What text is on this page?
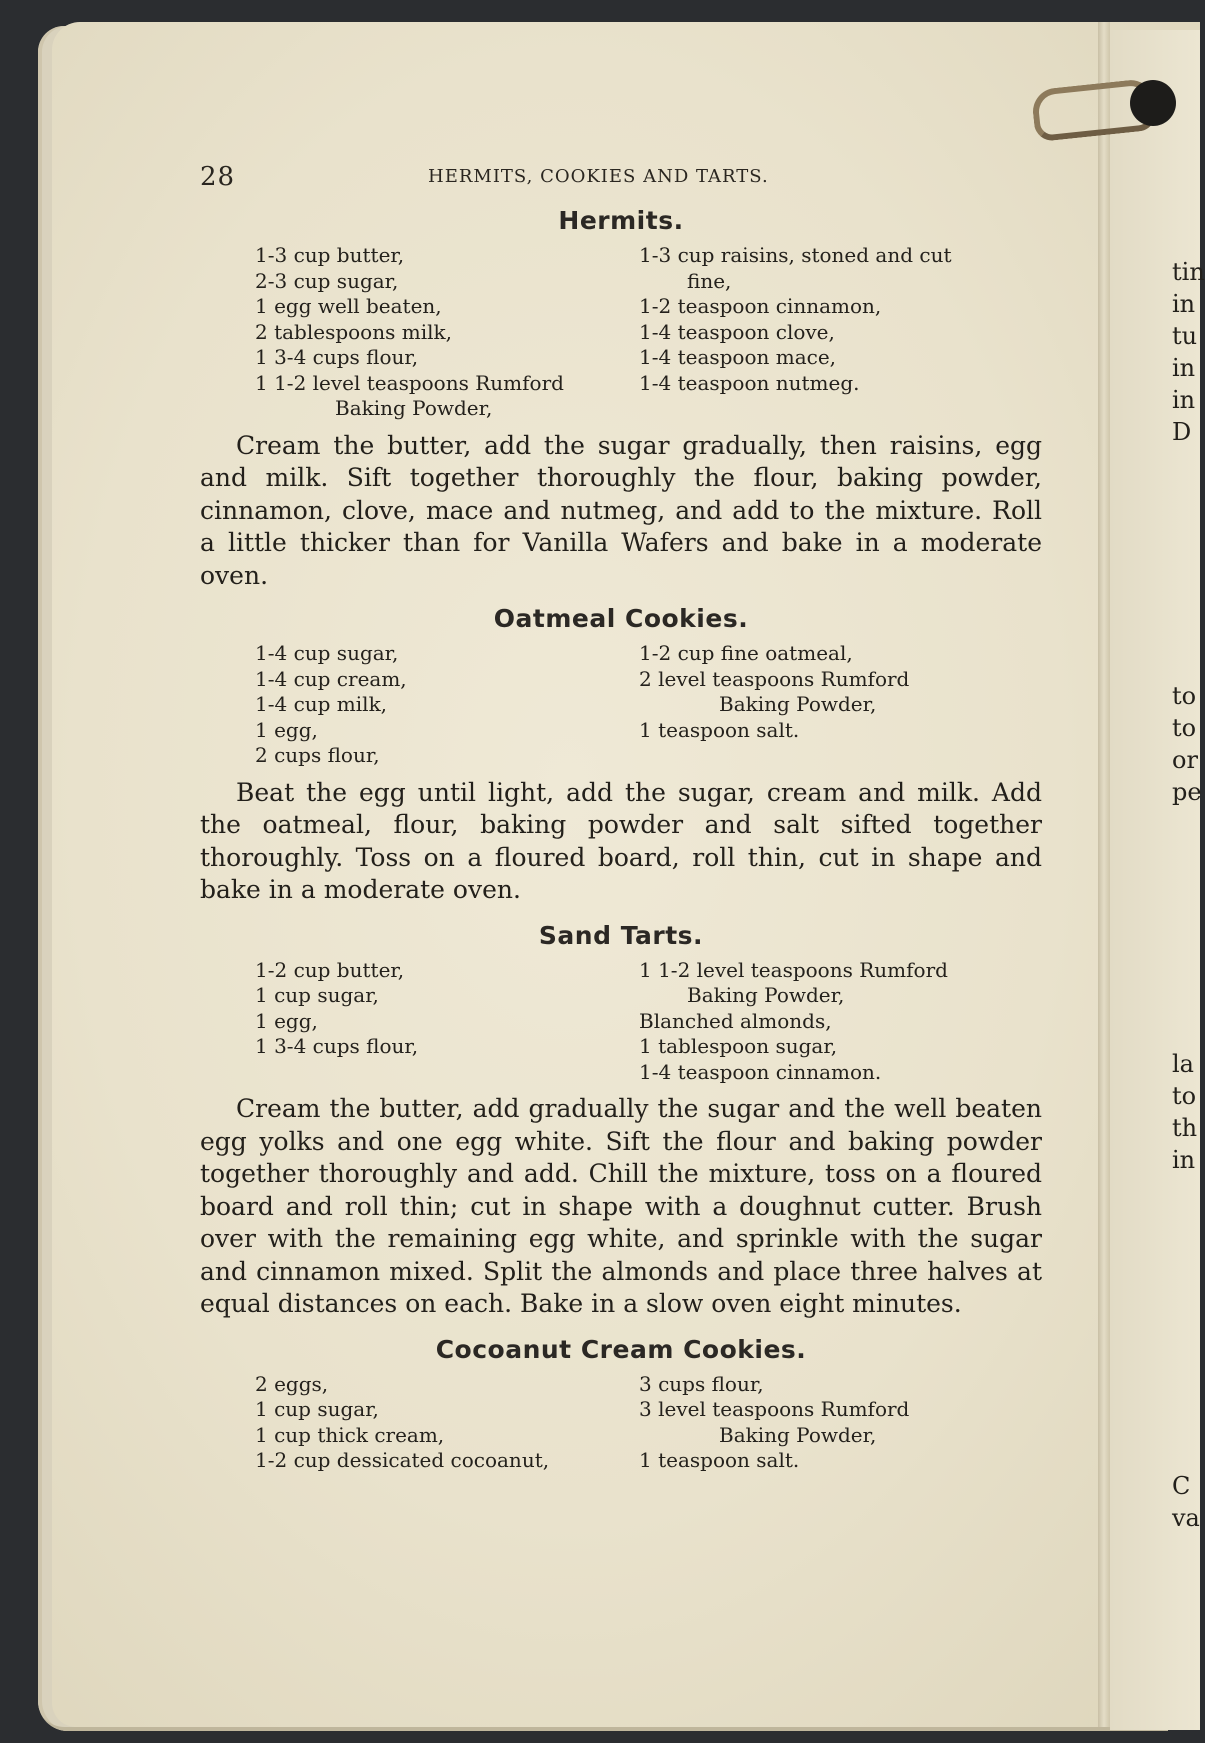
28	HERMITS, COOKIES AND TARTS.
Hermits.
1-3 cup butter,
2-3 cup sugar,
1 egg well beaten,
2 tablespoons milk,
1 3-4 cups flour,
1 1-2 level teaspoons Rumford
Baking Powder,
1-3 cup raisins, stoned and cut
fine,
1-2 teaspoon cinnamon,
1-4 teaspoon clove,
1-4 teaspoon mace,
1-4 teaspoon nutmeg.

Cream the butter, add the sugar gradually, then raisins, egg and milk. Sift together thoroughly the flour, baking powder, cinnamon, clove, mace and nutmeg, and add to the mixture. Roll a little thicker than for Vanilla Wafers and bake in a moderate oven.

Oatmeal Cookies.
1-4 cup sugar,
1-4 cup cream,
1-4 cup milk,
1 egg,
2 cups flour,
1-2 cup fine oatmeal,
2 level teaspoons Rumford
Baking Powder,
1 teaspoon salt.

Beat the egg until light, add the sugar, cream and milk. Add the oatmeal, flour, baking powder and salt sifted together thoroughly. Toss on a floured board, roll thin, cut in shape and bake in a moderate oven.

Sand Tarts.
1-2 cup butter,
1 cup sugar,
1 egg,
1 3-4 cups flour,
1 1-2 level teaspoons Rumford
Baking Powder,
Blanched almonds,
1 tablespoon sugar,
1-4 teaspoon cinnamon.

Cream the butter, add gradually the sugar and the well beaten egg yolks and one egg white. Sift the flour and baking powder together thoroughly and add. Chill the mixture, toss on a floured board and roll thin; cut in shape with a doughnut cutter. Brush over with the remaining egg white, and sprinkle with the sugar and cinnamon mixed. Split the almonds and place three halves at equal distances on each. Bake in a slow oven eight minutes.

Cocoanut Cream Cookies.
2 eggs,
1 cup sugar,
1 cup thick cream,
1-2 cup dessicated cocoanut,
3 cups flour,
3 level teaspoons Rumford
Baking Powder,
1 teaspoon salt.
tin
in
tu
in
in
D
to
to
or
pe
la
to
th
in
C
va
